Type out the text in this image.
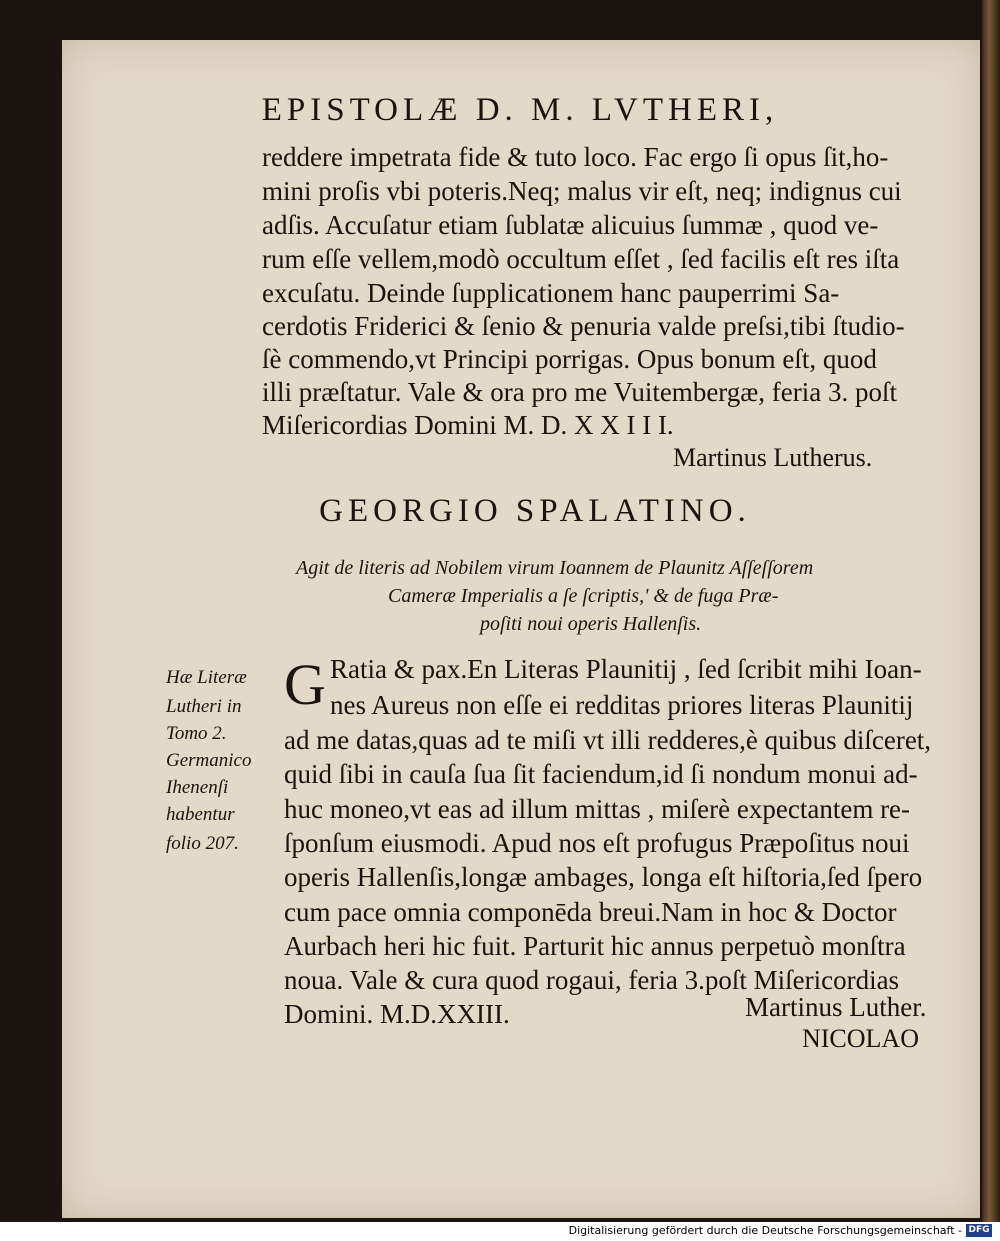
EPISTOLÆ D. M. LVTHERI,
reddere impetrata fide & tuto loco. Fac ergo ſi opus ſit,ho-
mini proſis vbi poteris.Neq; malus vir eſt, neq; indignus cui
adſis. Accuſatur etiam ſublatæ alicuius ſummæ , quod ve-
rum eſſe vellem,modò occultum eſſet , ſed facilis eſt res iſta
excuſatu. Deinde ſupplicationem hanc pauperrimi Sa-
cerdotis Friderici & ſenio & penuria valde preſsi,tibi ſtudio-
ſè commendo,vt Principi porrigas. Opus bonum eſt, quod
illi præſtatur. Vale & ora pro me Vuitembergæ, feria 3. poſt
Miſericordias Domini M. D. X X I I I.
Martinus Lutherus.
GEORGIO SPALATINO.
Agit de literis ad Nobilem virum Ioannem de Plaunitz Aſſeſſorem
Cameræ Imperialis a ſe ſcriptis,' & de fuga Præ-
poſiti noui operis Hallenſis.
Hæ Literæ
Lutheri in
Tomo 2.
Germanico
Ihenenſi
habentur
folio 207.
G Ratia & pax.En Literas Plaunitij , ſed ſcribit mihi Ioan-
nes Aureus non eſſe ei redditas priores literas Plaunitij
ad me datas,quas ad te miſi vt illi redderes,è quibus diſceret,
quid ſibi in cauſa ſua ſit faciendum,id ſi nondum monui ad-
huc moneo,vt eas ad illum mittas , miſerè expectantem re-
ſponſum eiusmodi. Apud nos eſt profugus Præpoſitus noui
operis Hallenſis,longæ ambages, longa eſt hiſtoria,ſed ſpero
cum pace omnia componēda breui.Nam in hoc & Doctor
Aurbach heri hic fuit. Parturit hic annus perpetuò monſtra
noua. Vale & cura quod rogaui, feria 3.poſt Miſericordias
Domini. M.D.XXIII.	Martinus Luther.
NICOLAO
Digitalisierung gefördert durch die Deutsche Forschungsgemeinschaft - DFG
